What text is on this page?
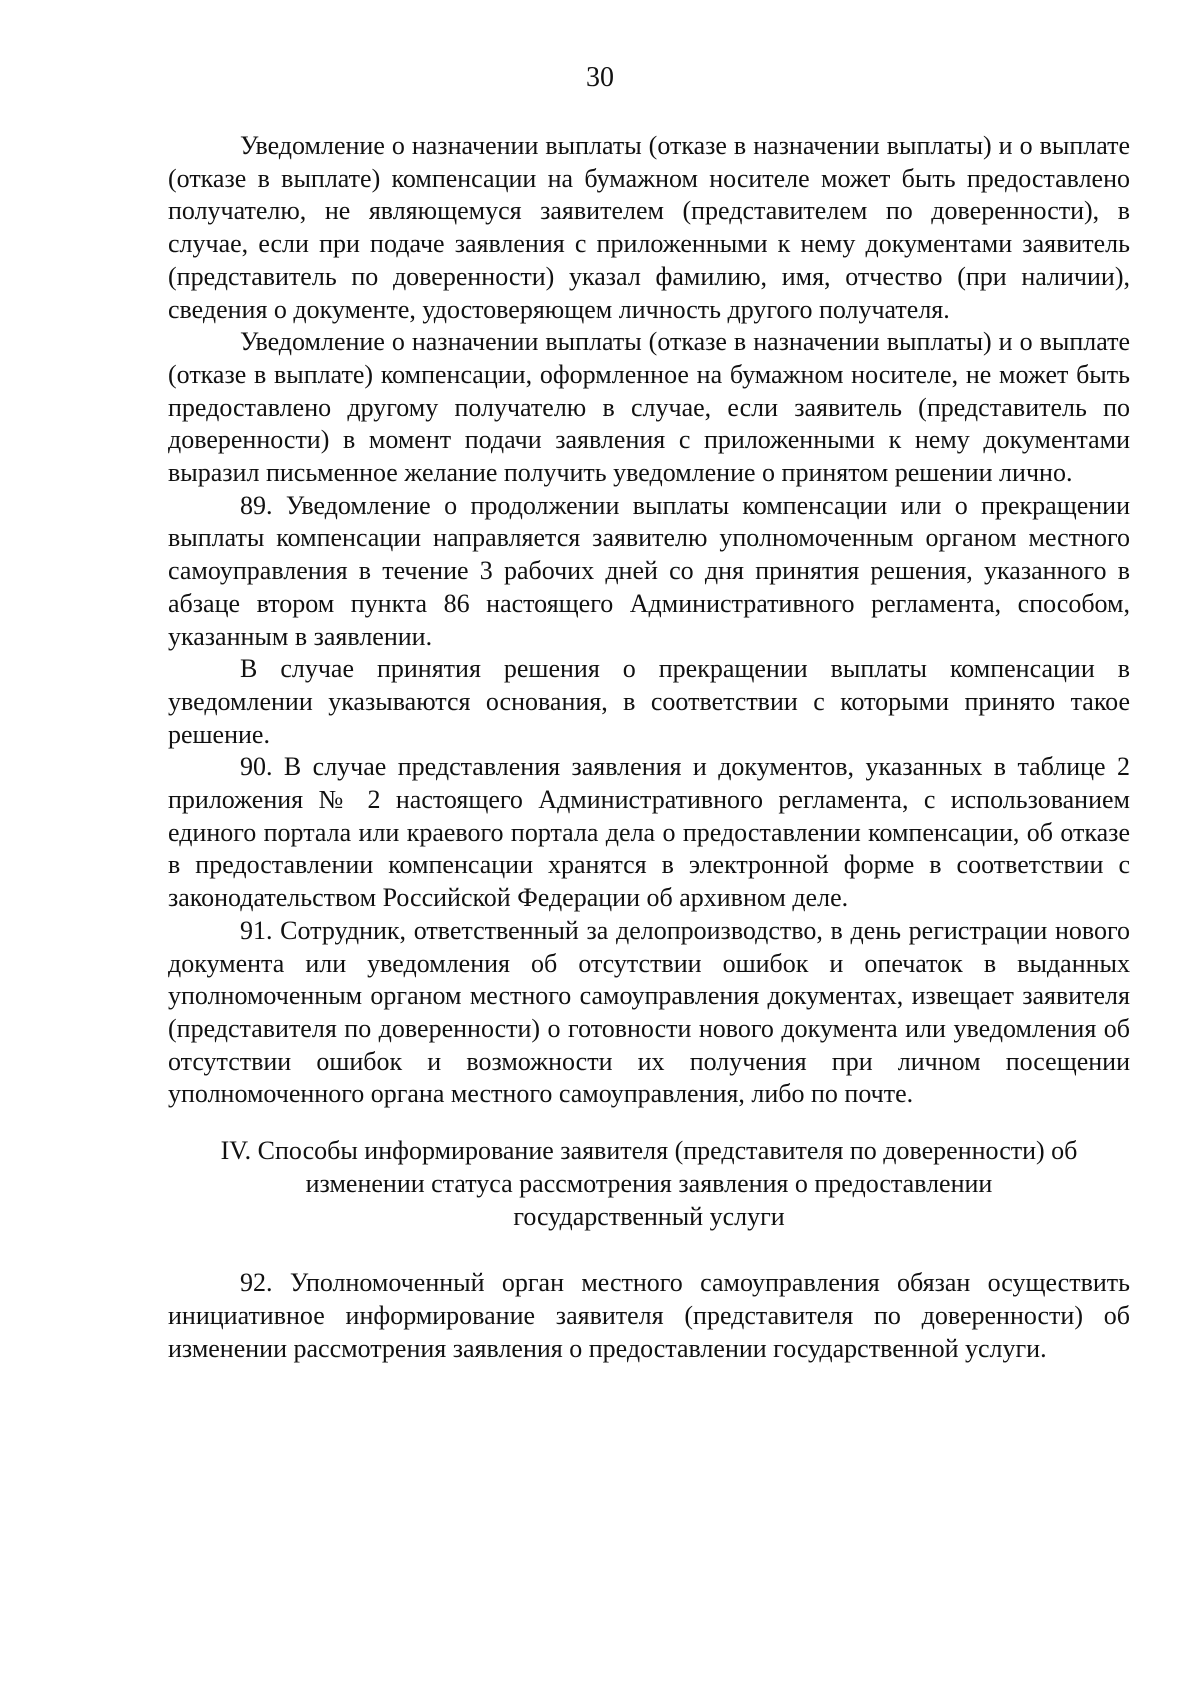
30

Уведомление о назначении выплаты (отказе в назначении выплаты) и о выплате (отказе в выплате) компенсации на бумажном носителе может быть предоставлено получателю, не являющемуся заявителем (представителем по доверенности), в случае, если при подаче заявления с приложенными к нему документами заявитель (представитель по доверенности) указал фамилию, имя, отчество (при наличии), сведения о документе, удостоверяющем личность другого получателя.

Уведомление о назначении выплаты (отказе в назначении выплаты) и о выплате (отказе в выплате) компенсации, оформленное на бумажном носителе, не может быть предоставлено другому получателю в случае, если заявитель (представитель по доверенности) в момент подачи заявления с приложенными к нему документами выразил письменное желание получить уведомление о принятом решении лично.

89. Уведомление о продолжении выплаты компенсации или о прекращении выплаты компенсации направляется заявителю уполномоченным органом местного самоуправления в течение 3 рабочих дней со дня принятия решения, указанного в абзаце втором пункта 86 настоящего Административного регламента, способом, указанным в заявлении.

В случае принятия решения о прекращении выплаты компенсации в уведомлении указываются основания, в соответствии с которыми принято такое решение.

90. В случае представления заявления и документов, указанных в таблице 2 приложения № 2 настоящего Административного регламента, с использованием единого портала или краевого портала дела о предоставлении компенсации, об отказе в предоставлении компенсации хранятся в электронной форме в соответствии с законодательством Российской Федерации об архивном деле.

91. Сотрудник, ответственный за делопроизводство, в день регистрации нового документа или уведомления об отсутствии ошибок и опечаток в выданных уполномоченным органом местного самоуправления документах, извещает заявителя (представителя по доверенности) о готовности нового документа или уведомления об отсутствии ошибок и возможности их получения при личном посещении уполномоченного органа местного самоуправления, либо по почте.

IV. Способы информирование заявителя (представителя по доверенности) об
изменении статуса рассмотрения заявления о предоставлении
государственный услуги

92. Уполномоченный орган местного самоуправления обязан осуществить инициативное информирование заявителя (представителя по доверенности) об изменении рассмотрения заявления о предоставлении государственной услуги.
